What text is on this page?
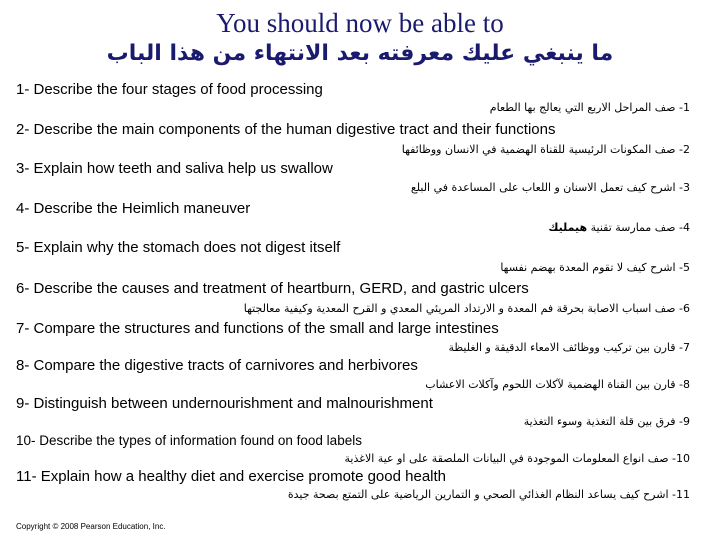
You should now be able to
ما ينبغي عليك معرفته بعد الانتهاء من هذا الباب
1- Describe the four stages of food processing
1- صف المراحل الاربع التي يعالج بها الطعام
2- Describe the main components of the human digestive tract and their functions
2- صف المكونات الرئيسية للقناة الهضمية في الانسان ووظائفها
3- Explain how teeth and saliva help us swallow
3- اشرح كيف تعمل الاسنان و اللعاب على المساعدة في البلع
4- Describe the Heimlich maneuver
4- صف ممارسة تقنية هيمليك
5- Explain why the stomach does not digest itself
5- اشرح كيف لا تقوم المعدة بهضم نفسها
6- Describe the causes and treatment of heartburn, GERD, and gastric ulcers
6- صف اسباب الاصابة بحرقة فم المعدة و الارتداد المريئي المعدي و القرح المعدية وكيفية معالجتها
7- Compare the structures and functions of the small and large intestines
7- قارن بين تركيب ووظائف الامعاء الدقيقة و الغليظة
8- Compare the digestive tracts of carnivores and herbivores
8- قارن بين القناة الهضمية لآكلات اللحوم وآكلات الاعشاب
9- Distinguish between undernourishment and malnourishment
9- فرق بين قلة التغذية وسوء التغذية
10- Describe the types of information found on food labels
10- صف انواع المعلومات الموجودة في البيانات الملصقة على او عية الاغذية
11- Explain how a healthy diet and exercise promote good health
11- اشرح كيف يساعد النظام الغذائي الصحي و التمارين الرياضية على التمتع بصحة جيدة
Copyright © 2008 Pearson Education, Inc.
